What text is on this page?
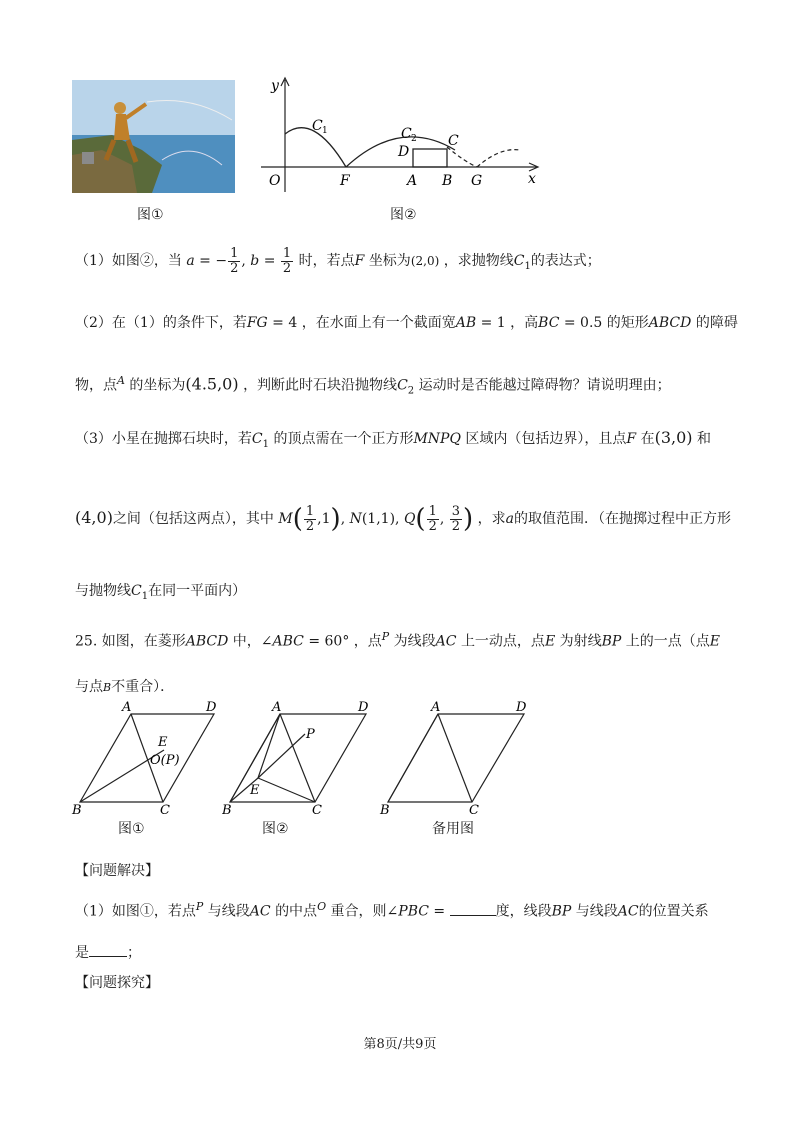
图①
y
x
O	F	A B G
C 1	C 2 C
D
图②
（1）如图②，当 a = − $\frac{1}{2}$ , $b = \frac{1}{2}$ 时，若点F 坐标为(2,0) ，求抛物线$C_1$的表达式；
（2）在（1）的条件下，若FG = 4 ，在水面上有一个截面宽AB = 1 ，高BC = 0.5 的矩形ABCD 的障碍
物，点$^A$ 的坐标为(4.5,0) ，判断此时石块沿抛物线$C_2$ 运动时是否能越过障碍物？请说明理由；
（3）小星在抛掷石块时，若$C_1$ 的顶点需在一个正方形MNPQ 区域内（包括边界），且点F 在(3,0) 和
(4,0)之间（包括这两点），其中 $M( \frac{1}{2} ,1)$, N(1,1), $Q( \frac{1}{2}$ , $\frac{3}{2}$ ) ，求a的取值范围．（在抛掷过程中正方形
与抛物线$C_1$在同一平面内）
25. 如图，在菱形ABCD 中，∠ABC = 60° ，点$^P$ 为线段AC 上一动点，点E 为射线BP 上的一点（点E
与点B不重合）．
A	D
B	C
E
O(P)
图①
A	D
B	C
P
E
图②
A	D
B	C
备用图
【问题解决】
（1）如图①，若点$^P$ 与线段AC 的中点$^O$ 重合，则∠PBC =	度，线段BP 与线段AC的位置关系
是	；
【问题探究】
第8页/共9页
